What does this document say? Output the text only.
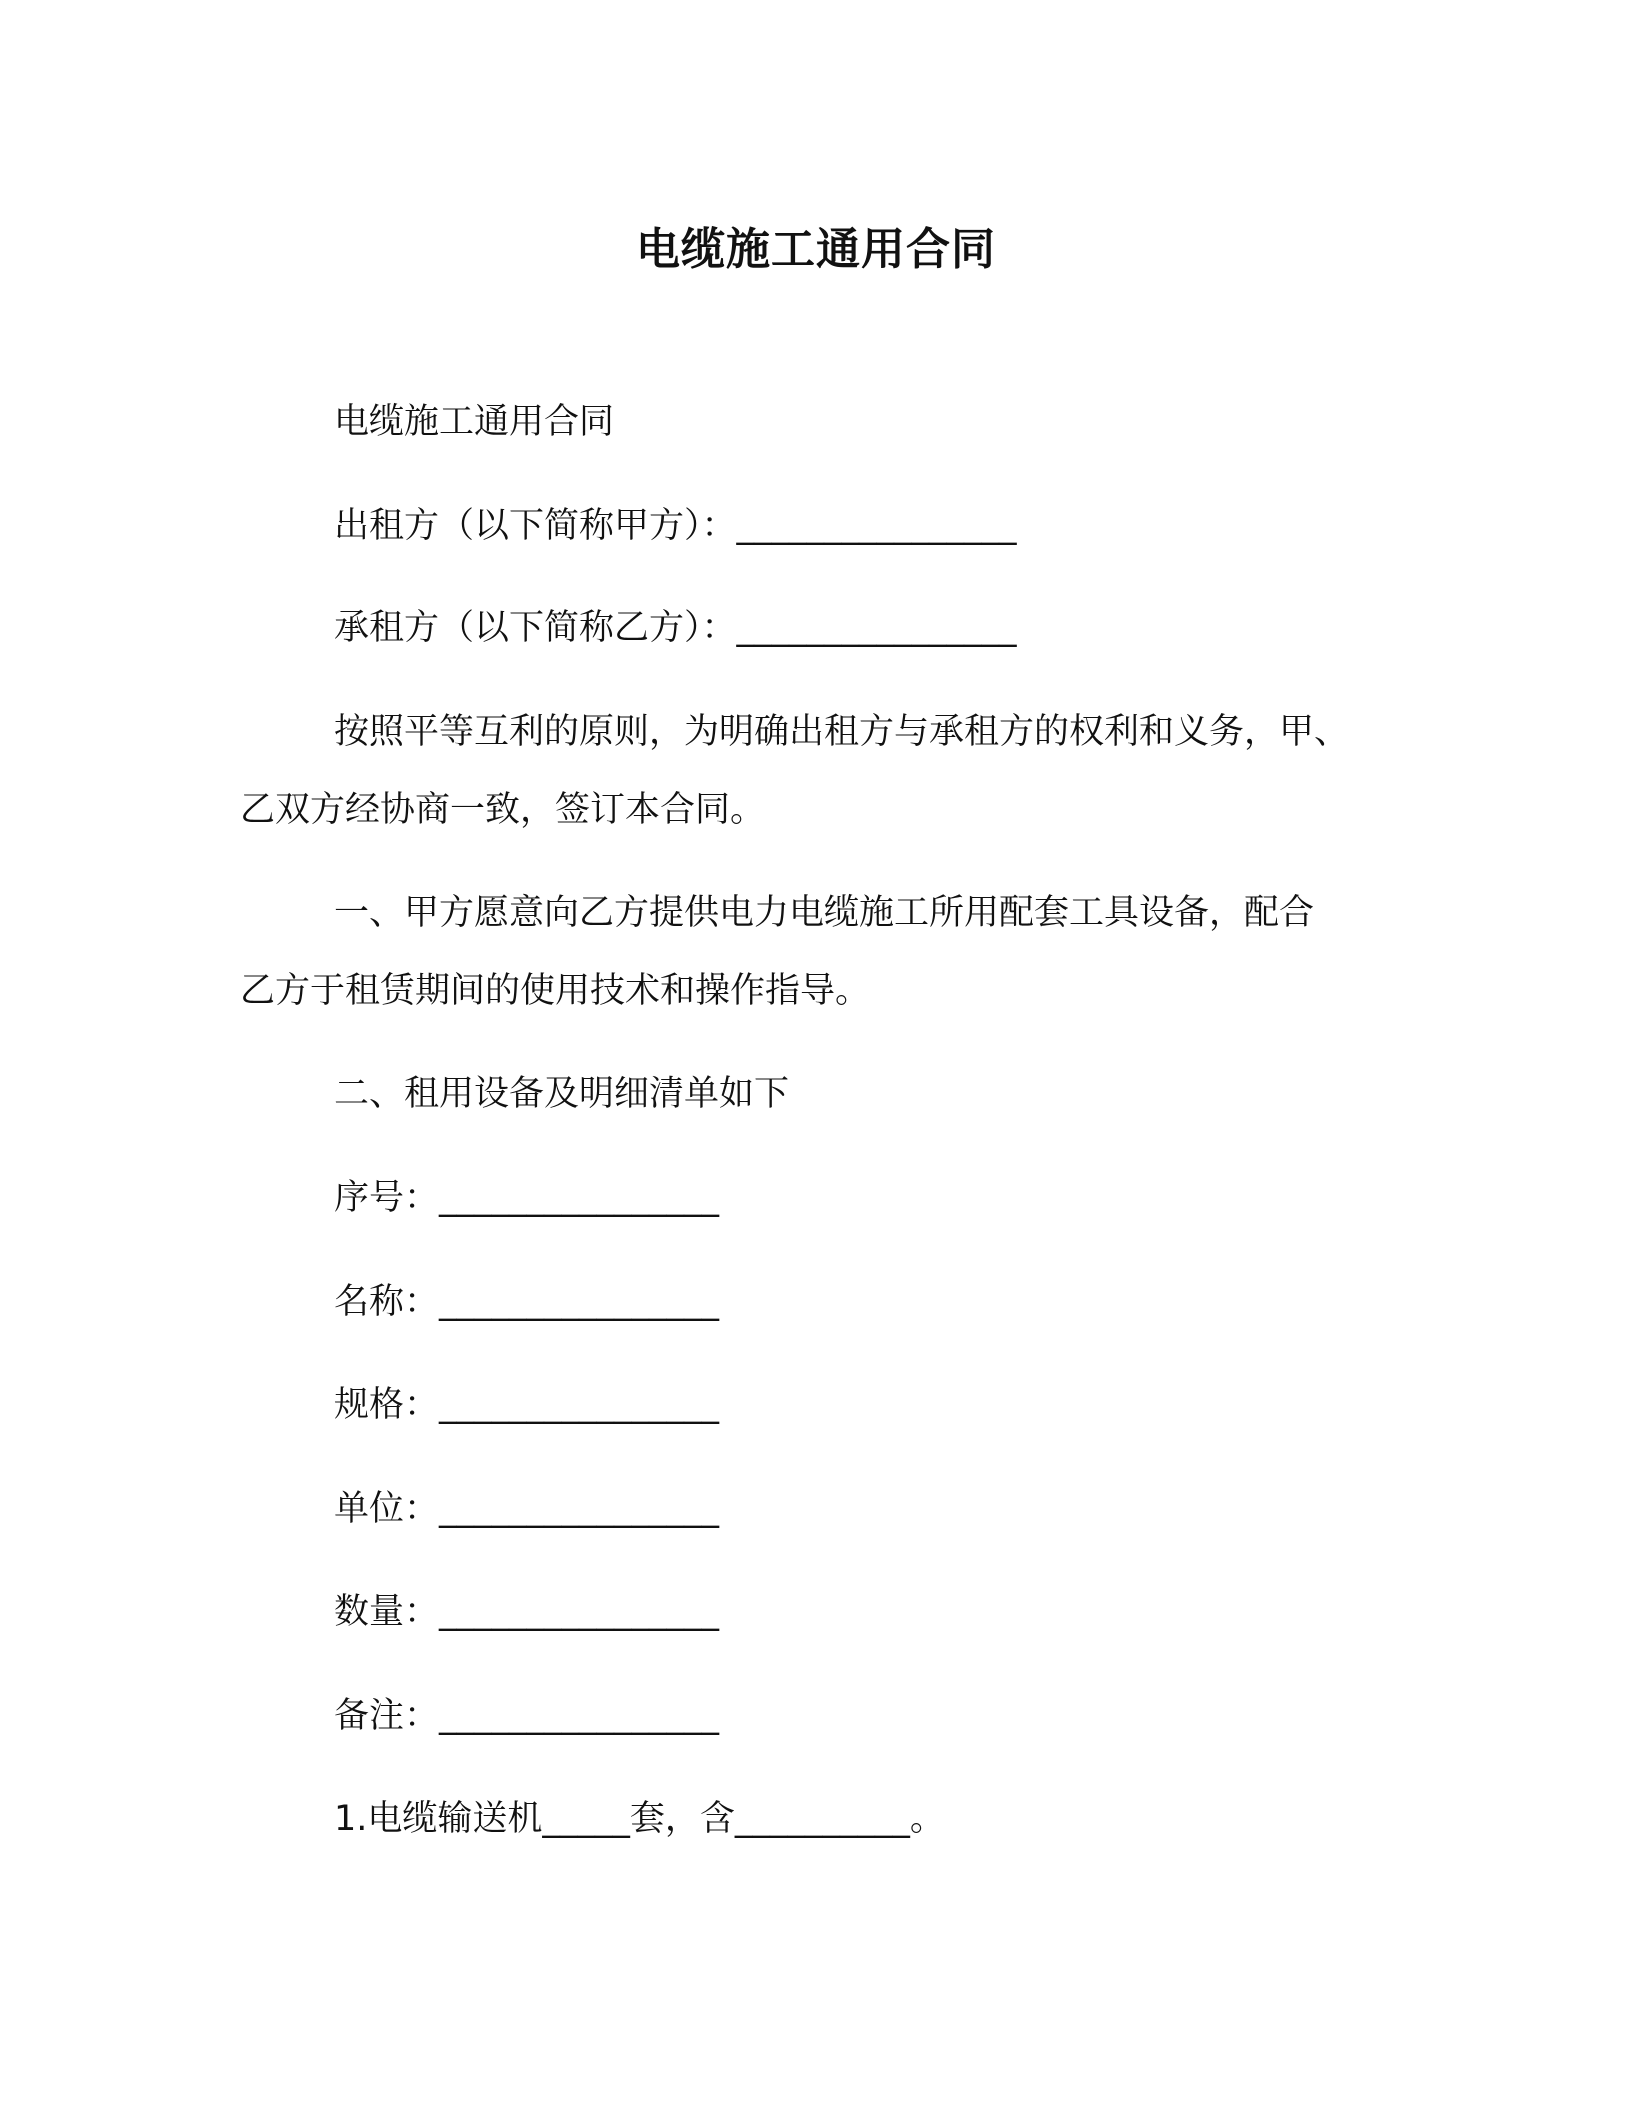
电缆施工通用合同
电缆施工通用合同
出租方（以下简称甲方）：________________
承租方（以下简称乙方）：________________
按照平等互利的原则，为明确出租方与承租方的权利和义务，甲、
乙双方经协商一致，签订本合同。
一、甲方愿意向乙方提供电力电缆施工所用配套工具设备，配合
乙方于租赁期间的使用技术和操作指导。
二、租用设备及明细清单如下
序号：________________
名称：________________
规格：________________
单位：________________
数量：________________
备注：________________
1.电缆输送机_____套，含__________。
